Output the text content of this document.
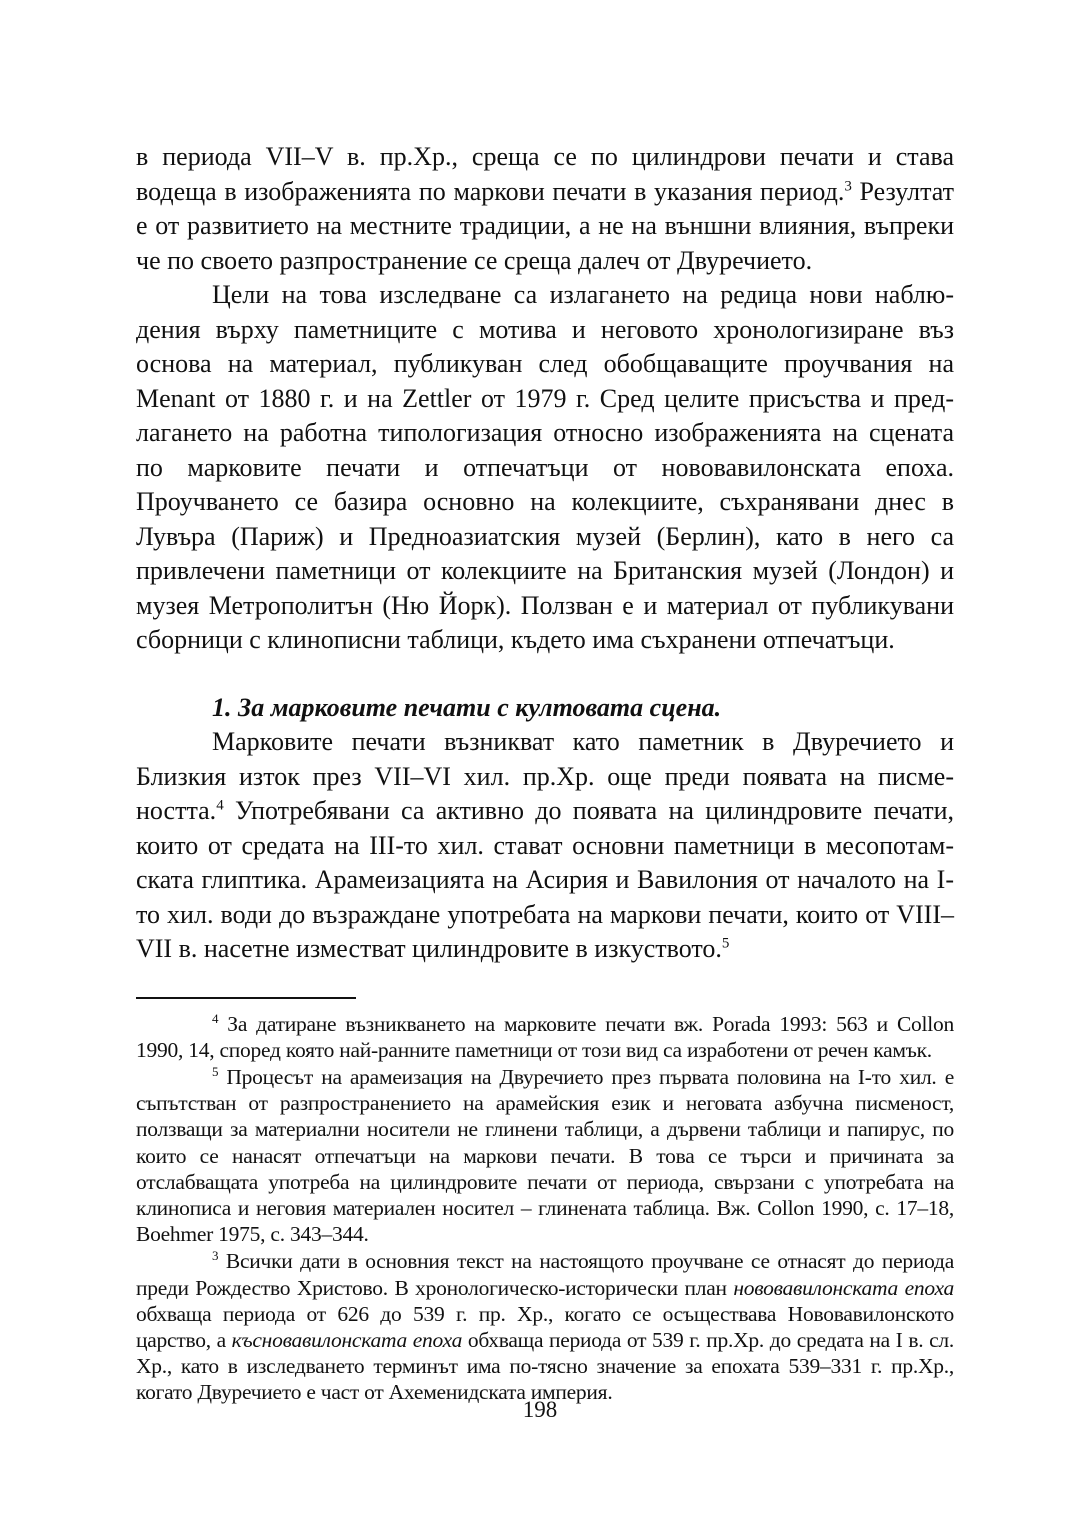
в периода VII–V в. пр.Хр., среща се по цилиндрови печати и става водеща в изображенията по маркови печати в указания период.$^3$ Резултат е от развитието на местните традиции, а не на външни влияния, въпреки че по своето разпространение се среща далеч от Двуречието.

Цели на това изследване са излагането на редица нови наблюдения върху паметниците с мотива и неговото хронологизиране въз основа на материал, публикуван след обобщаващите проучвания на Menant от 1880 г. и на Zettler от 1979 г. Сред целите присъства и предлагането на работна типологизация относно изображенията на сцената по марковите печати и отпечатъци от нововавилонската епоха. Проучването се базира основно на колекциите, съхранявани днес в Лувъра (Париж) и Предноазиатския музей (Берлин), като в него са привлечени паметници от колекциите на Британския музей (Лондон) и музея Метрополитън (Ню Йорк). Ползван е и материал от публикувани сборници с клинописни таблици, където има съхранени отпечатъци.

1. За марковите печати с култовата сцена.

Марковите печати възникват като паметник в Двуречието и Близкия изток през VII–VI хил. пр.Хр. още преди появата на писмеността.$^4$ Употребявани са активно до появата на цилиндровите печати, които от средата на III-то хил. стават основни паметници в месопотамската глиптика. Арамеизацията на Асирия и Вавилония от началото на I-то хил. води до възраждане употребата на маркови печати, които от VIII–VII в. насетне изместват цилиндровите в изкуството.$^5$

$^4$ За датиране възникването на марковите печати вж. Porada 1993: 563 и Collon 1990, 14, според която най-ранните паметници от този вид са изработени от речен камък.

$^5$ Процесът на арамеизация на Двуречието през първата половина на I-то хил. е съпътстван от разпространението на арамейския език и неговата азбучна писменост, ползващи за материални носители не глинени таблици, а дървени таблици и папирус, по които се нанасят отпечатъци на маркови печати. В това се търси и причината за отслабващата употреба на цилиндровите печати от периода, свързани с употребата на клинописа и неговия материален носител – глинената таблица. Вж. Collon 1990, с. 17–18, Boehmer 1975, с. 343–344.

$^3$ Всички дати в основния текст на настоящото проучване се отнасят до периода преди Рождество Христово. В хронологическо-исторически план нововавилонската епоха обхваща периода от 626 до 539 г. пр. Хр., когато се осъществава Нововавилонското царство, а късновавилонската епоха обхваща периода от 539 г. пр.Хр. до средата на I в. сл. Хр., като в изследването терминът има по-тясно значение за епохата 539–331 г. пр.Хр., когато Двуречието е част от Ахеменидската империя.

198
